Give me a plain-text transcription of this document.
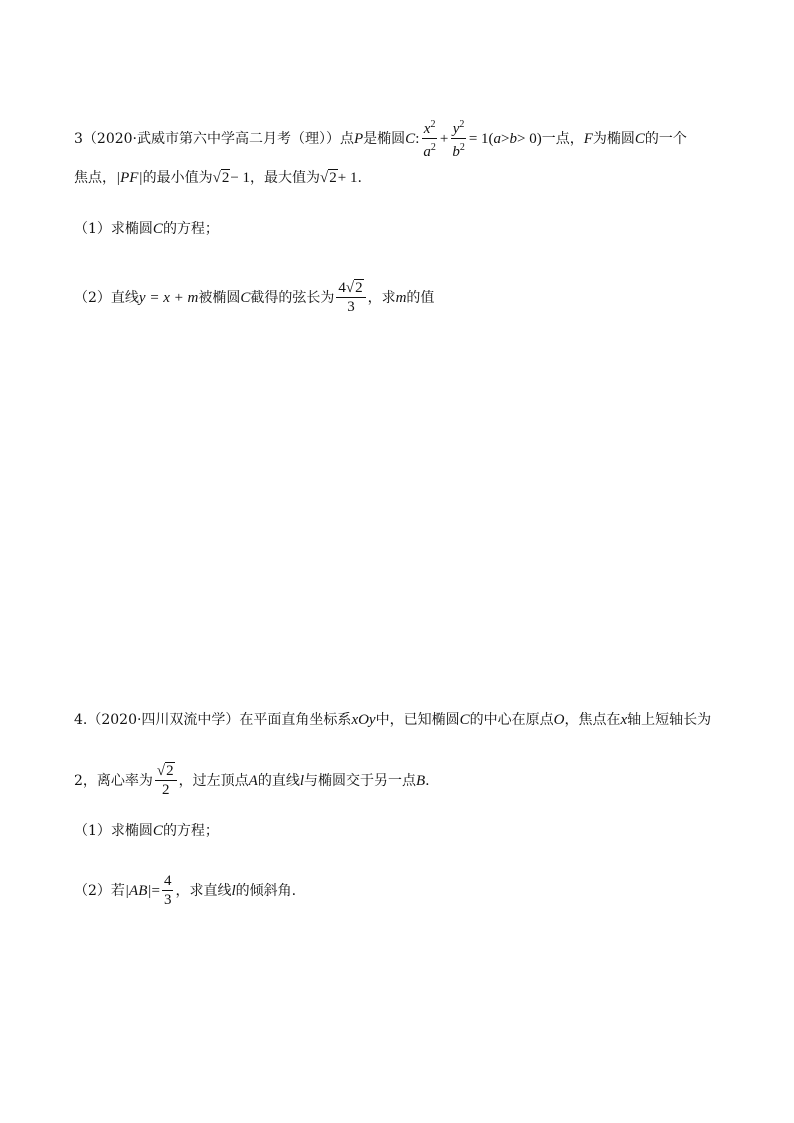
3（2020·武威市第六中学高二月考（理））点 P 是椭圆 C : $\frac{x^2}{a^2} + \frac{y^2}{b^2} = 1$( a > b > 0) 一点， F 为椭圆 C 的一个
焦点， |PF| 的最小值为 √2 − 1 ，最大值为 √2 + 1 .
（1）求椭圆 C 的方程；
（2）直线 y = x + m 被椭圆 C 截得的弦长为 $\frac{4√2}{3}$ ，求 m 的值
4.（2020·四川双流中学）在平面直角坐标系 xOy 中，已知椭圆 C 的中心在原点 O ，焦点在 x 轴上短轴长为
2，离心率为 $\frac{√2}{2}$ ，过左顶点 A 的直线 l 与椭圆交于另一点 B .
（1）求椭圆 C 的方程；
（2）若 $|AB| = \frac{4}{3}$ ，求直线 l 的倾斜角.
